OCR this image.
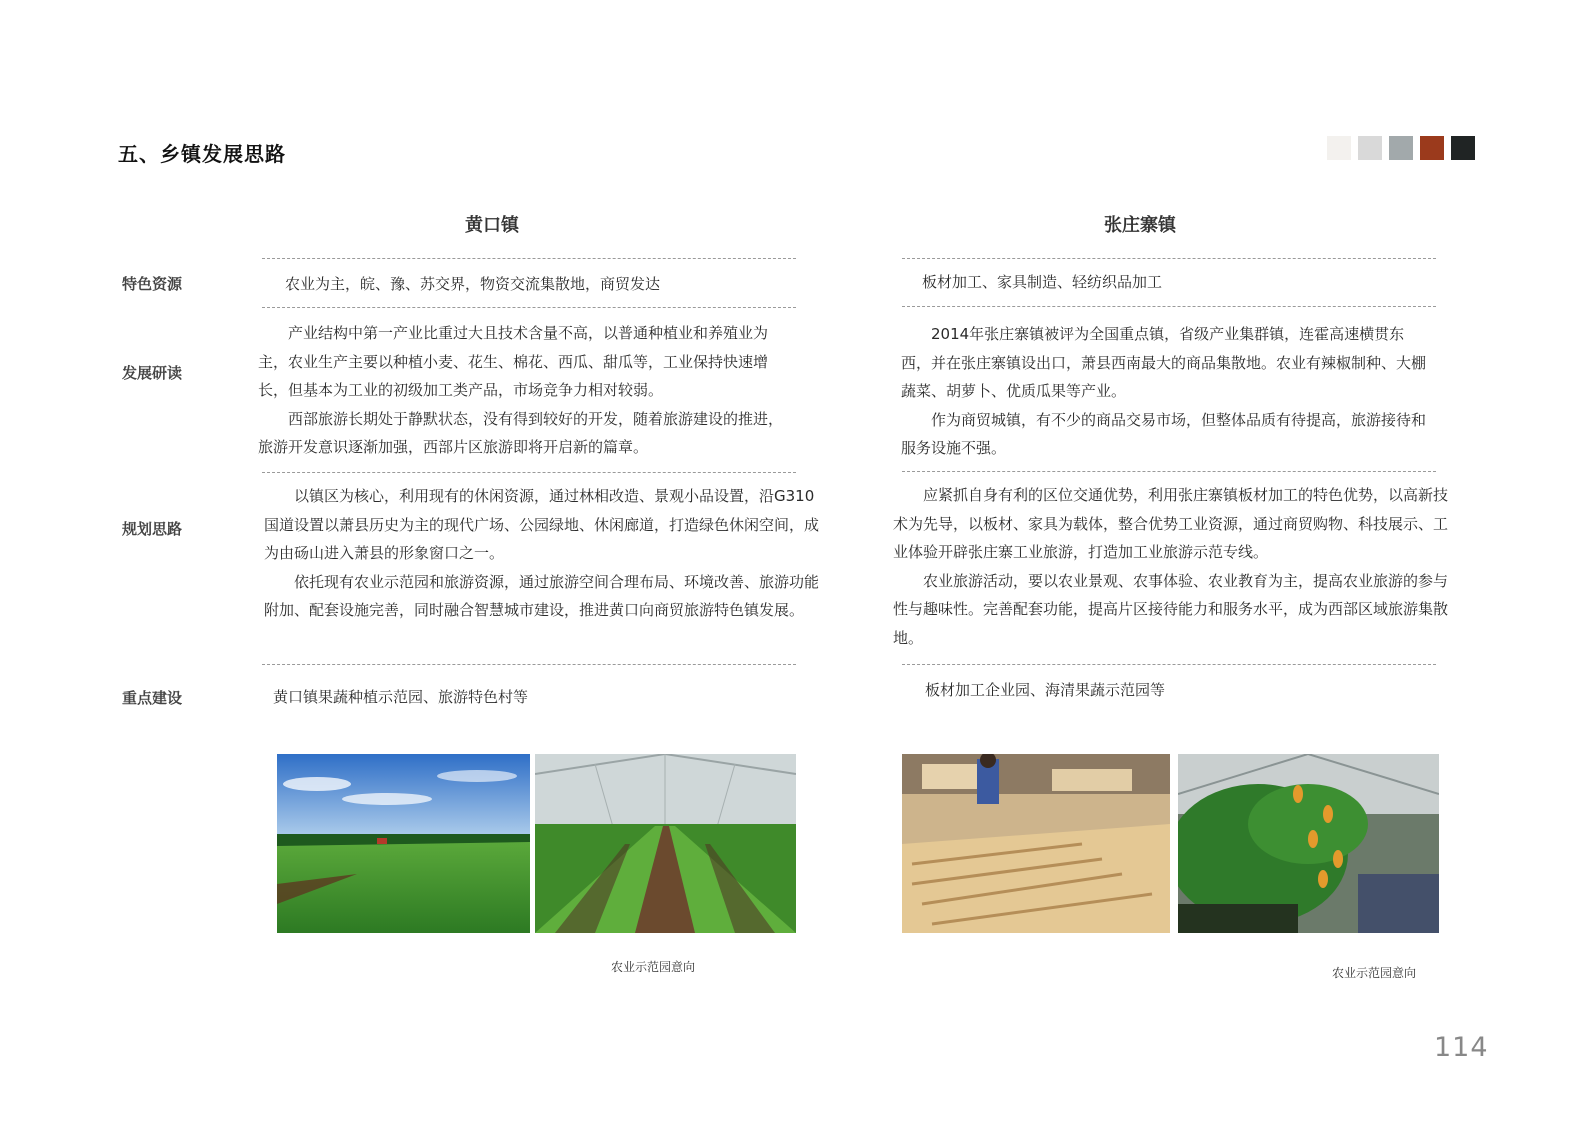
五、乡镇发展思路
黄口镇	张庄寨镇
特色资源
发展研读
规划思路
重点建设
农业为主，皖、豫、苏交界，物资交流集散地，商贸发达

产业结构中第一产业比重过大且技术含量不高，以普通种植业和养殖业为主，农业生产主要以种植小麦、花生、棉花、西瓜、甜瓜等，工业保持快速增长，但基本为工业的初级加工类产品，市场竞争力相对较弱。

西部旅游长期处于静默状态，没有得到较好的开发，随着旅游建设的推进，旅游开发意识逐渐加强，西部片区旅游即将开启新的篇章。

以镇区为核心，利用现有的休闲资源，通过林相改造、景观小品设置，沿G310国道设置以萧县历史为主的现代广场、公园绿地、休闲廊道，打造绿色休闲空间，成为由砀山进入萧县的形象窗口之一。

依托现有农业示范园和旅游资源，通过旅游空间合理布局、环境改善、旅游功能附加、配套设施完善，同时融合智慧城市建设，推进黄口向商贸旅游特色镇发展。

黄口镇果蔬种植示范园、旅游特色村等
板材加工、家具制造、轻纺织品加工

2014年张庄寨镇被评为全国重点镇，省级产业集群镇，连霍高速横贯东西，并在张庄寨镇设出口，萧县西南最大的商品集散地。农业有辣椒制种、大棚蔬菜、胡萝卜、优质瓜果等产业。

作为商贸城镇，有不少的商品交易市场，但整体品质有待提高，旅游接待和服务设施不强。

应紧抓自身有利的区位交通优势，利用张庄寨镇板材加工的特色优势，以高新技术为先导，以板材、家具为载体，整合优势工业资源，通过商贸购物、科技展示、工业体验开辟张庄寨工业旅游，打造加工业旅游示范专线。

农业旅游活动，要以农业景观、农事体验、农业教育为主，提高农业旅游的参与性与趣味性。完善配套功能，提高片区接待能力和服务水平，成为西部区域旅游集散地。

板材加工企业园、海清果蔬示范园等
农业示范园意向	农业示范园意向
114
